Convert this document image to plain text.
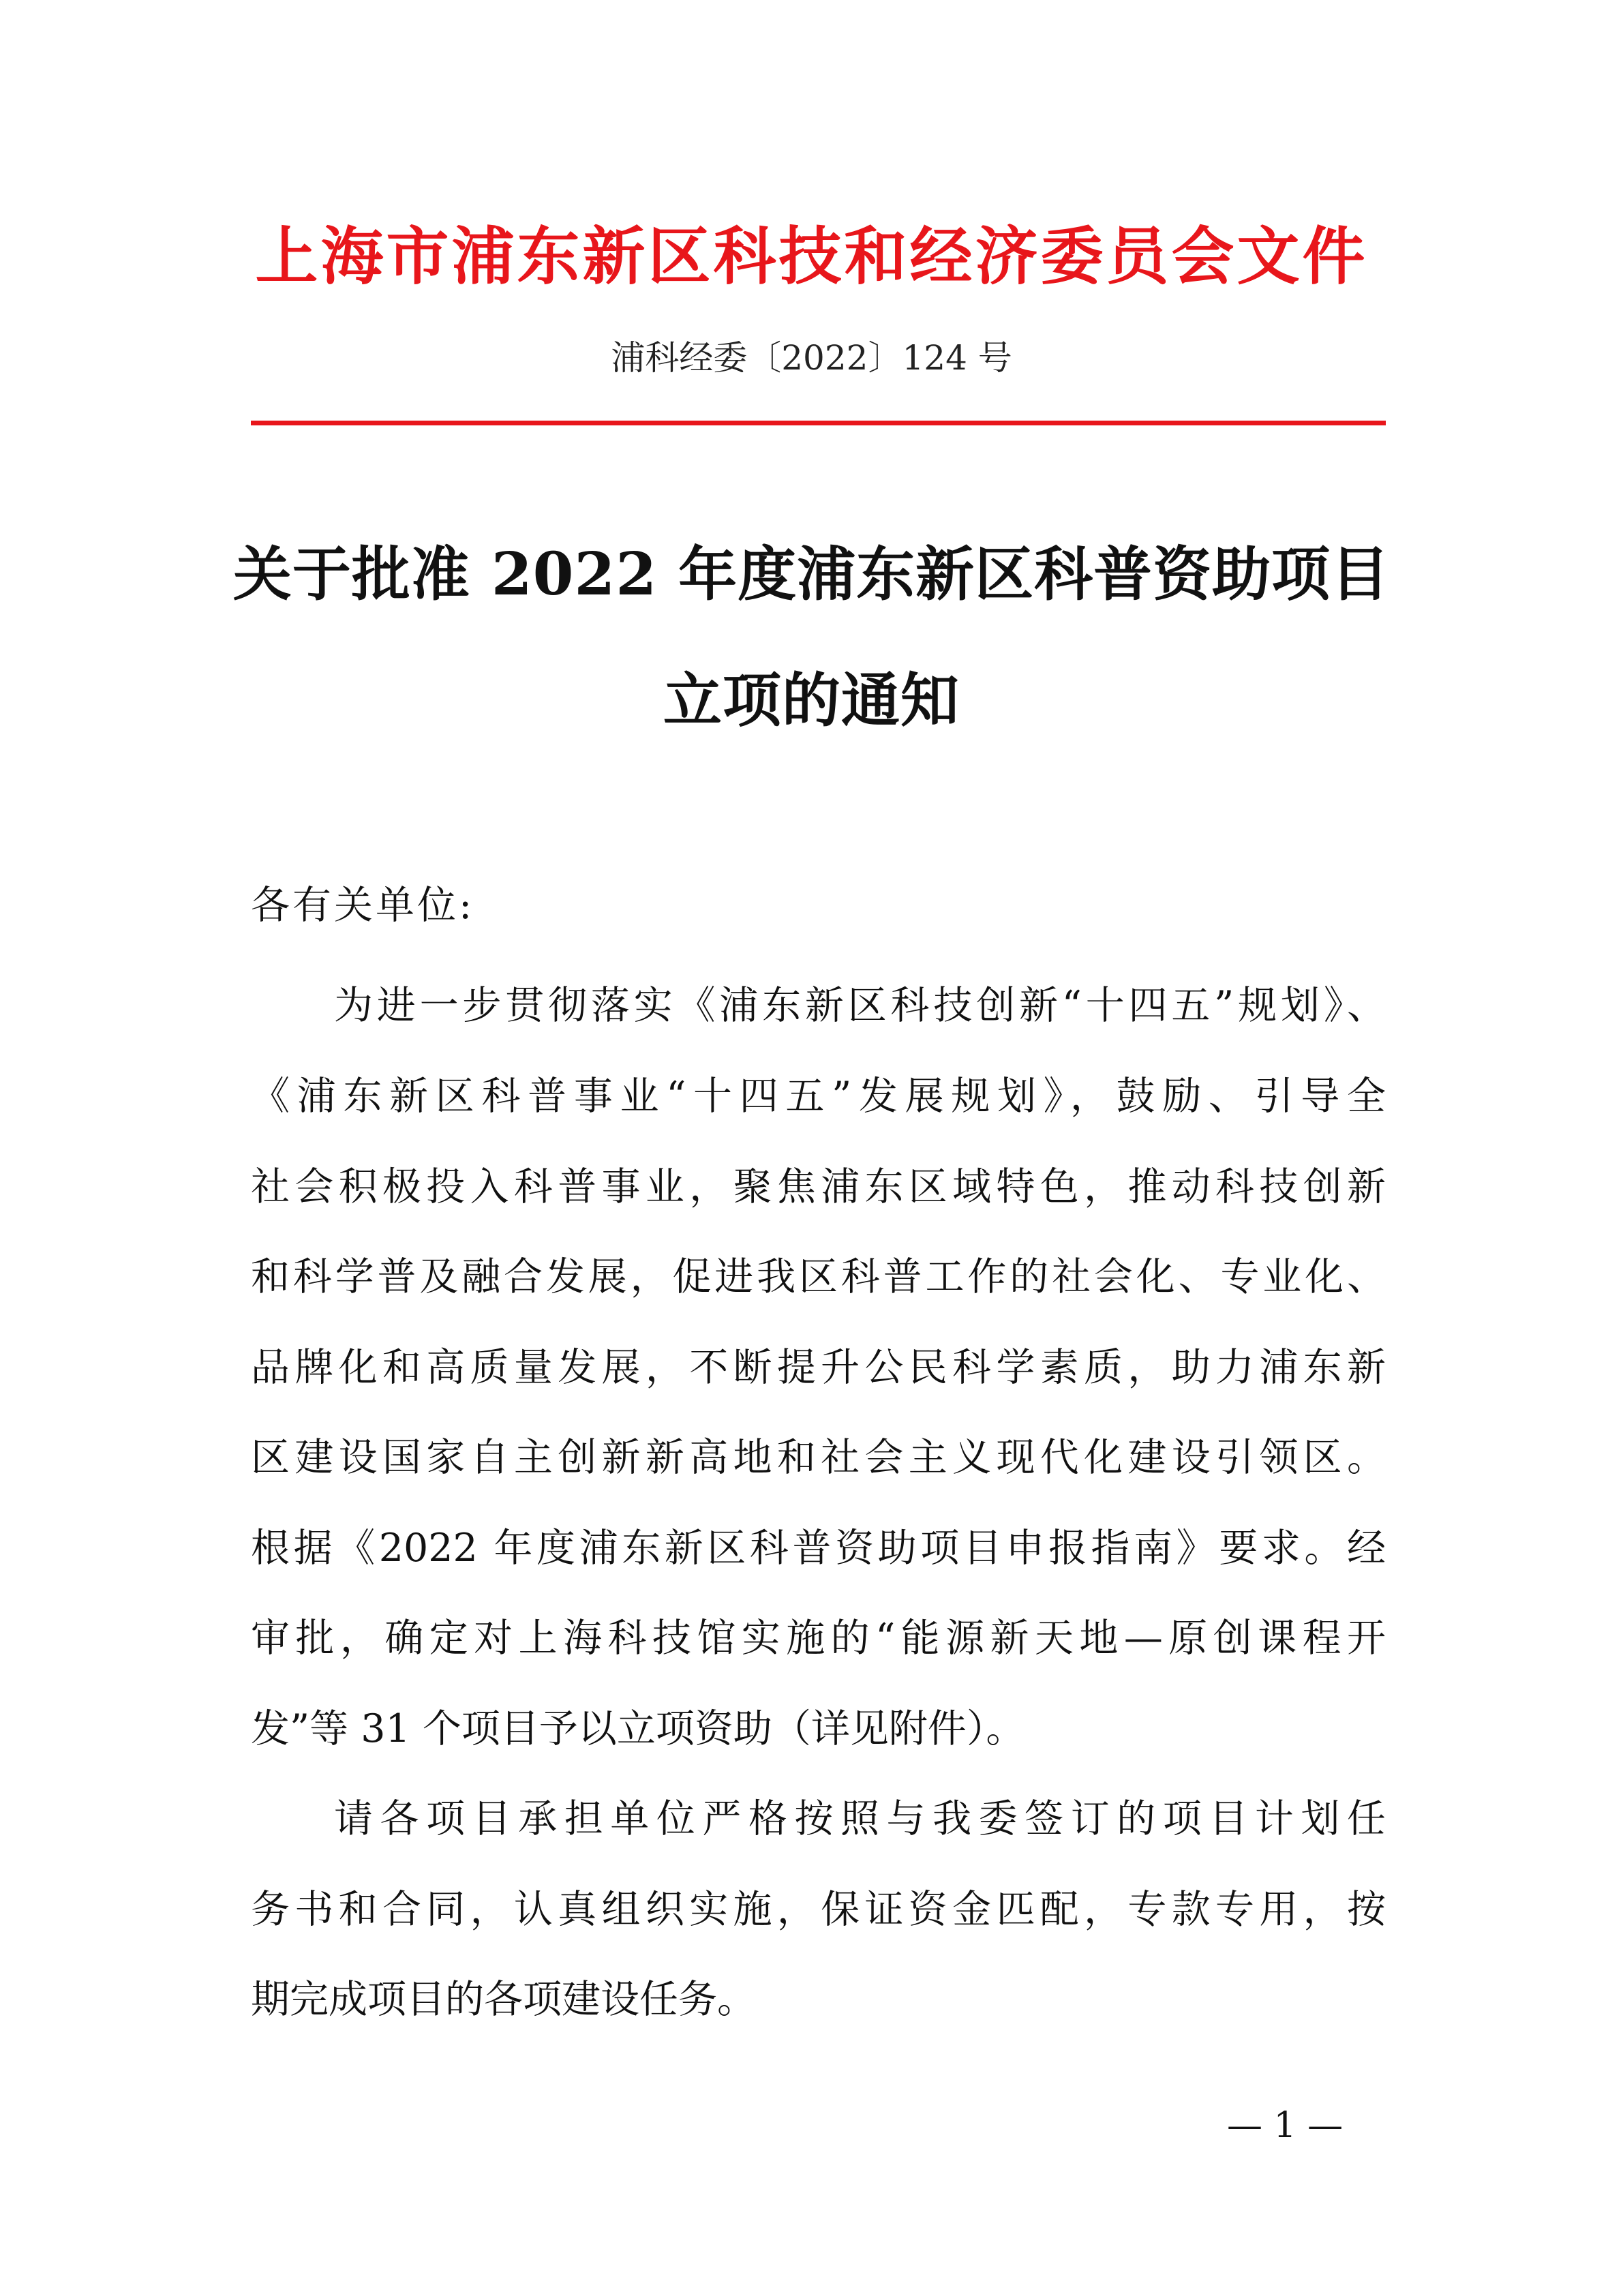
上海市浦东新区科技和经济委员会文件
浦科经委〔2022〕124 号
关于批准 2022 年度浦东新区科普资助项目
立项的通知
各有关单位:
为进一步贯彻落实《浦东新区科技创新“十四五”规划》、
《浦东新区科普事业“十四五”发展规划》，鼓励、引导全
社会积极投入科普事业，聚焦浦东区域特色，推动科技创新
和科学普及融合发展，促进我区科普工作的社会化、专业化、
品牌化和高质量发展，不断提升公民科学素质，助力浦东新
区建设国家自主创新新高地和社会主义现代化建设引领区。
根据《2022 年度浦东新区科普资助项目申报指南》要求。经
审批，确定对上海科技馆实施的“能源新天地—原创课程开
发”等 31 个项目予以立项资助（详见附件）。
请各项目承担单位严格按照与我委签订的项目计划任
务书和合同，认真组织实施，保证资金匹配，专款专用，按
期完成项目的各项建设任务。
— 1 —
